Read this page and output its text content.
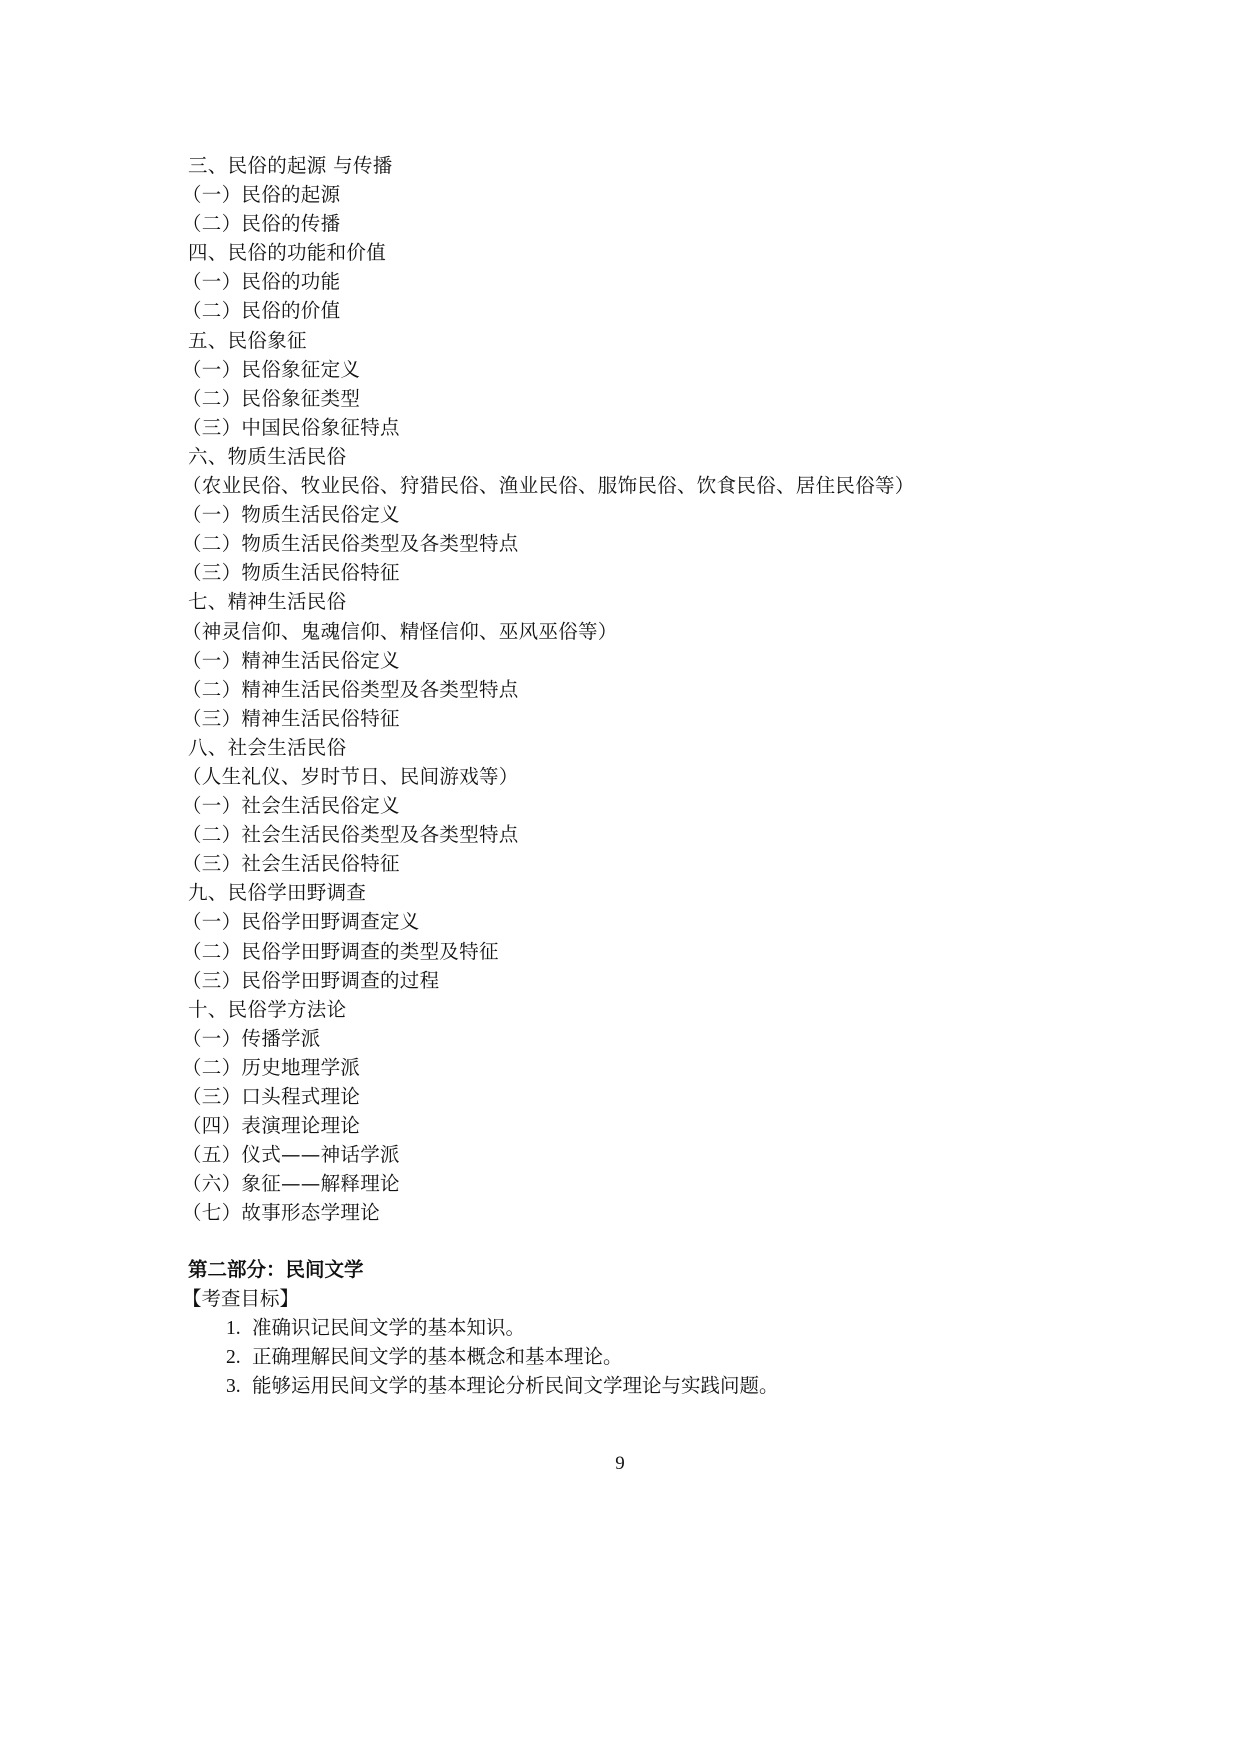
三、民俗的起源 与传播
（一）民俗的起源
（二）民俗的传播
四、民俗的功能和价值
（一）民俗的功能
（二）民俗的价值
五、民俗象征
（一）民俗象征定义
（二）民俗象征类型
（三）中国民俗象征特点
六、物质生活民俗
（农业民俗、牧业民俗、狩猎民俗、渔业民俗、服饰民俗、饮食民俗、居住民俗等）
（一）物质生活民俗定义
（二）物质生活民俗类型及各类型特点
（三）物质生活民俗特征
七、精神生活民俗
（神灵信仰、鬼魂信仰、精怪信仰、巫风巫俗等）
（一）精神生活民俗定义
（二）精神生活民俗类型及各类型特点
（三）精神生活民俗特征
八、社会生活民俗
（人生礼仪、岁时节日、民间游戏等）
（一）社会生活民俗定义
（二）社会生活民俗类型及各类型特点
（三）社会生活民俗特征
九、民俗学田野调查
（一）民俗学田野调查定义
（二）民俗学田野调查的类型及特征
（三）民俗学田野调查的过程
十、民俗学方法论
（一）传播学派
（二）历史地理学派
（三）口头程式理论
（四）表演理论理论
（五）仪式——神话学派
（六）象征——解释理论
（七）故事形态学理论
第二部分：民间文学
【考查目标】
1. 准确识记民间文学的基本知识。
2. 正确理解民间文学的基本概念和基本理论。
3. 能够运用民间文学的基本理论分析民间文学理论与实践问题。
9
